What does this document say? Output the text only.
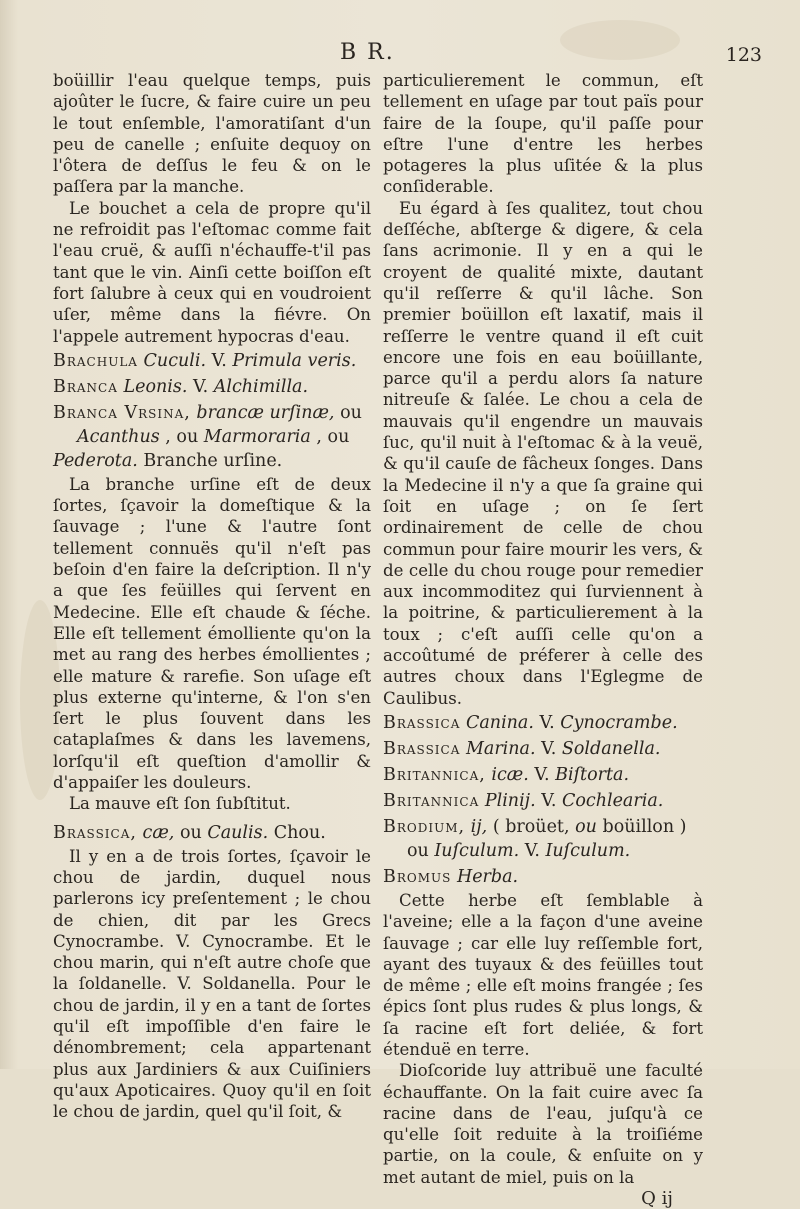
B R.	123

boüillir l'eau quelque temps, puis ajoûter le ſucre, & faire cuire un peu le tout enſemble, l'amoratiſant d'un peu de canelle ; enſuite dequoy on l'ôtera de deſſus le feu & on le paſſera par la manche.

Le bouchet a cela de propre qu'il ne refroidit pas l'eſtomac comme fait l'eau cruë, & auſſi n'échauffe-t'il pas tant que le vin. Ainſi cette boiſſon eſt fort ſalubre à ceux qui en voudroient uſer, même dans la fiévre. On l'appele autrement hypocras d'eau.

Brachula Cuculi. V. Primula veris.
Branca Leonis. V. Alchimilla.
Branca Vrsina, brancæ urſinæ, ou
Acanthus , ou Marmoraria , ou
Pederota. Branche urſine.

La branche urſine eſt de deux ſortes, ſçavoir la domeſtique & la ſauvage ; l'une & l'autre ſont tellement connuës qu'il n'eſt pas beſoin d'en faire la deſcription. Il n'y a que ſes feüilles qui ſervent en Medecine. Elle eſt chaude & ſéche. Elle eſt tellement émolliente qu'on la met au rang des herbes émollientes ; elle mature & rarefie. Son uſage eſt plus externe qu'interne, & l'on s'en ſert le plus ſouvent dans les cataplaſmes & dans les lavemens, lorſqu'il eſt queſtion d'amollir & d'appaiſer les douleurs.

La mauve eſt ſon ſubſtitut.

Brassica, cæ, ou Caulis. Chou.

Il y en a de trois ſortes, ſçavoir le chou de jardin, duquel nous parlerons icy preſentement ; le chou de chien, dit par les Grecs Cynocrambe. V. Cynocrambe. Et le chou marin, qui n'eſt autre choſe que la ſoldanelle. V. Soldanella. Pour le chou de jardin, il y en a tant de ſortes qu'il eſt impoſſible d'en faire le dénombrement; cela appartenant plus aux Jardiniers & aux Cuiſiniers qu'aux Apoticaires. Quoy qu'il en ſoit le chou de jardin, quel qu'il ſoit, &

particulierement le commun, eſt tellement en uſage par tout païs pour faire de la ſoupe, qu'il paſſe pour eſtre l'une d'entre les herbes potageres la plus uſitée & la plus conſiderable.

Eu égard à ſes qualitez, tout chou deſſéche, abſterge & digere, & cela ſans acrimonie. Il y en a qui le croyent de qualité mixte, dautant qu'il reſſerre & qu'il lâche. Son premier boüillon eſt laxatif, mais il reſſerre le ventre quand il eſt cuit encore une fois en eau boüillante, parce qu'il a perdu alors ſa nature nitreuſe & ſalée. Le chou a cela de mauvais qu'il engendre un mauvais ſuc, qu'il nuit à l'eſtomac & à la veuë, & qu'il cauſe de fâcheux ſonges. Dans la Medecine il n'y a que ſa graine qui ſoit en uſage ; on ſe ſert ordinairement de celle de chou commun pour faire mourir les vers, & de celle du chou rouge pour remedier aux incommoditez qui ſurviennent à la poitrine, & particulierement à la toux ; c'eſt auſſi celle qu'on a accoûtumé de préferer à celle des autres choux dans l'Eglegme de Caulibus.

Brassica Canina. V. Cynocrambe.
Brassica Marina. V. Soldanella.
Britannica, icæ. V. Biſtorta.
Britannica Plinij. V. Cochlearia.
Brodium, ij, ( broüet, ou boüillon )
ou Iuſculum. V. Iuſculum.
Bromus Herba.

Cette herbe eſt ſemblable à l'aveine; elle a la façon d'une aveine ſauvage ; car elle luy reſſemble fort, ayant des tuyaux & des feüilles tout de même ; elle eſt moins frangée ; ſes épics ſont plus rudes & plus longs, & ſa racine eſt fort deliée, & fort étenduë en terre.

Dioſcoride luy attribuë une faculté échauffante. On la fait cuire avec ſa racine dans de l'eau, juſqu'à ce qu'elle ſoit reduite à la troiſiéme partie, on la coule, & enſuite on y met autant de miel, puis on la

Q ij
